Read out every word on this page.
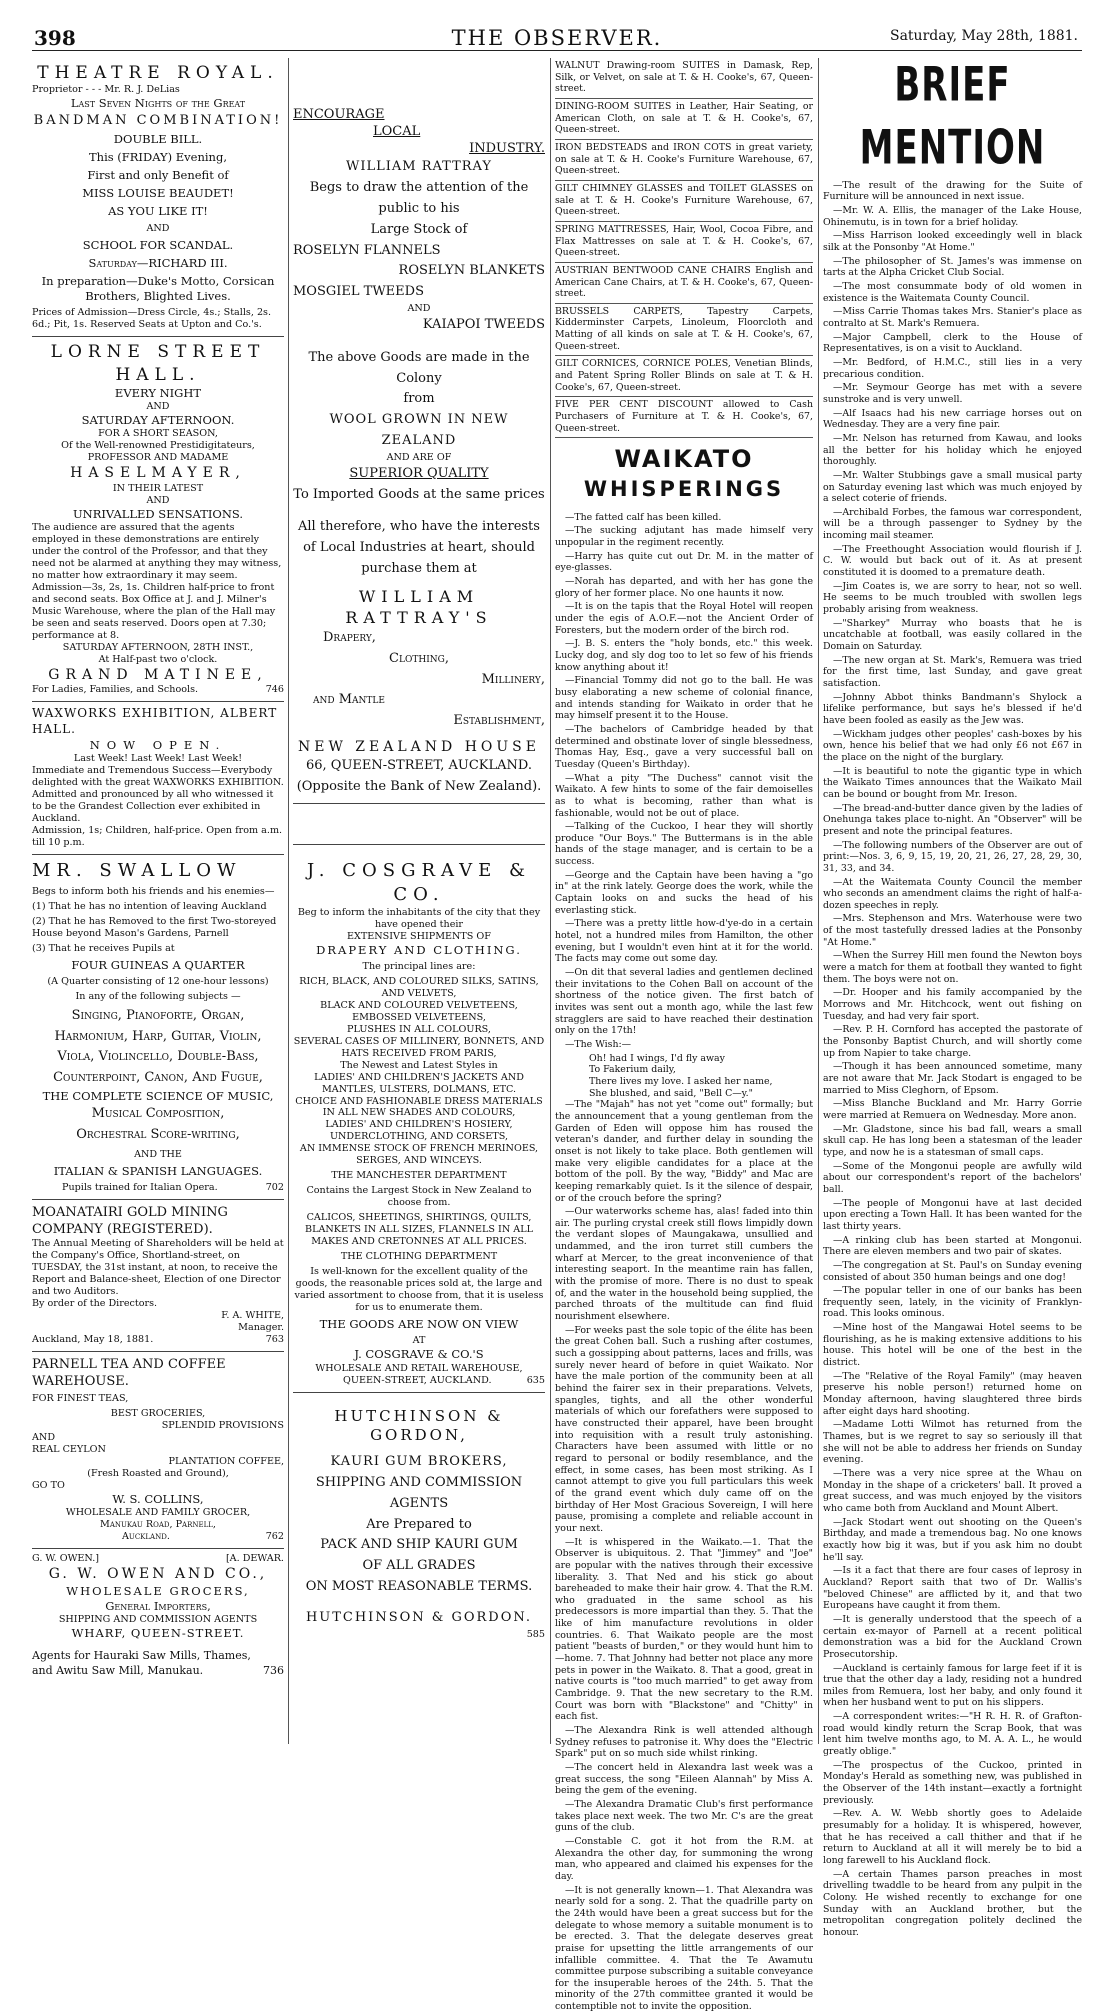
398	THE OBSERVER.	Saturday, May 28th, 1881.
THEATRE ROYAL.
Proprietor - - - Mr. R. J. DeLias
Last Seven Nights of the Great
BANDMAN COMBINATION!
DOUBLE BILL.
This (FRIDAY) Evening,
First and only Benefit of
MISS LOUISE BEAUDET!
AS YOU LIKE IT!
AND
SCHOOL FOR SCANDAL.
Saturday—RICHARD III.
In preparation—Duke's Motto, Corsican Brothers, Blighted Lives.
Prices of Admission—Dress Circle, 4s.; Stalls, 2s. 6d.; Pit, 1s. Reserved Seats at Upton and Co.'s.
LORNE STREET HALL.
EVERY NIGHT
AND
SATURDAY AFTERNOON.
FOR A SHORT SEASON,
Of the Well-renowned Prestidigitateurs,
PROFESSOR AND MADAME
HASELMAYER,
IN THEIR LATEST
AND
UNRIVALLED SENSATIONS.
The audience are assured that the agents employed in these demonstrations are entirely under the control of the Professor, and that they need not be alarmed at anything they may witness, no matter how extraordinary it may seem.
Admission—3s, 2s, 1s. Children half-price to front and second seats. Box Office at J. and J. Milner's Music Warehouse, where the plan of the Hall may be seen and seats reserved. Doors open at 7.30; performance at 8.
SATURDAY AFTERNOON, 28TH INST.,
At Half-past two o'clock.
GRAND MATINEE,
For Ladies, Families, and Schools.	746
WAXWORKS EXHIBITION, ALBERT HALL.
NOW OPEN.
Last Week! Last Week! Last Week!
Immediate and Tremendous Success—Everybody delighted with the great WAXWORKS EXHIBITION. Admitted and pronounced by all who witnessed it to be the Grandest Collection ever exhibited in Auckland.
Admission, 1s; Children, half-price. Open from a.m. till 10 p.m.
MR. SWALLOW
Begs to inform both his friends and his enemies—
(1) That he has no intention of leaving Auckland
(2) That he has Removed to the first Two-storeyed House beyond Mason's Gardens, Parnell
(3) That he receives Pupils at
FOUR GUINEAS A QUARTER
(A Quarter consisting of 12 one-hour lessons)
In any of the following subjects —
Singing, Pianoforte, Organ,
Harmonium, Harp, Guitar, Violin,
Viola, Violincello, Double-Bass,
Counterpoint, Canon, And Fugue,
THE COMPLETE SCIENCE OF MUSIC,
Musical Composition,
Orchestral Score-writing,
AND THE
ITALIAN & SPANISH LANGUAGES.
Pupils trained for Italian Opera.	702
MOANATAIRI GOLD MINING COMPANY (REGISTERED).
The Annual Meeting of Shareholders will be held at the Company's Office, Shortland-street, on TUESDAY, the 31st instant, at noon, to receive the Report and Balance-sheet, Election of one Director and two Auditors.
By order of the Directors.
F. A. WHITE,
Manager.
Auckland, May 18, 1881.	763
PARNELL TEA AND COFFEE WAREHOUSE.
FOR FINEST TEAS,
BEST GROCERIES,
SPLENDID PROVISIONS
AND
REAL CEYLON
PLANTATION COFFEE,
(Fresh Roasted and Ground),
GO TO
W. S. COLLINS,
WHOLESALE AND FAMILY GROCER,
Manukau Road, Parnell,
Auckland.	762
G. W. OWEN.]	[A. DEWAR.
G. W. OWEN AND CO.,
WHOLESALE GROCERS,
General Importers,
SHIPPING AND COMMISSION AGENTS
WHARF, QUEEN-STREET.
Agents for Hauraki Saw Mills, Thames, and Awitu Saw Mill, Manukau.	736
ENCOURAGE
LOCAL
INDUSTRY.
WILLIAM RATTRAY
Begs to draw the attention of the public to his
Large Stock of
ROSELYN FLANNELS
ROSELYN BLANKETS
MOSGIEL TWEEDS
AND
KAIAPOI TWEEDS
The above Goods are made in the Colony
from
WOOL GROWN IN NEW ZEALAND
AND ARE OF
SUPERIOR QUALITY
To Imported Goods at the same prices
All therefore, who have the interests of Local Industries at heart, should purchase them at
WILLIAM RATTRAY'S
Drapery,
Clothing,
Millinery,
and Mantle
Establishment,
NEW ZEALAND HOUSE
66, QUEEN-STREET, AUCKLAND.
(Opposite the Bank of New Zealand).
J. COSGRAVE & CO.
Beg to inform the inhabitants of the city that they have opened their
EXTENSIVE SHIPMENTS OF
DRAPERY AND CLOTHING.
The principal lines are:
RICH, BLACK, AND COLOURED SILKS, SATINS, AND VELVETS,
BLACK AND COLOURED VELVETEENS,
EMBOSSED VELVETEENS,
PLUSHES IN ALL COLOURS,
SEVERAL CASES OF MILLINERY, BONNETS, AND HATS RECEIVED FROM PARIS,
The Newest and Latest Styles in
LADIES' AND CHILDREN'S JACKETS AND MANTLES, ULSTERS, DOLMANS, ETC.
CHOICE AND FASHIONABLE DRESS MATERIALS IN ALL NEW SHADES AND COLOURS,
LADIES' AND CHILDREN'S HOSIERY, UNDERCLOTHING, AND CORSETS,
AN IMMENSE STOCK OF FRENCH MERINOES, SERGES, AND WINCEYS.
THE MANCHESTER DEPARTMENT
Contains the Largest Stock in New Zealand to choose from.
CALICOS, SHEETINGS, SHIRTINGS, QUILTS, BLANKETS IN ALL SIZES, FLANNELS IN ALL MAKES AND CRETONNES AT ALL PRICES.
THE CLOTHING DEPARTMENT
Is well-known for the excellent quality of the goods, the reasonable prices sold at, the large and varied assortment to choose from, that it is useless for us to enumerate them.
THE GOODS ARE NOW ON VIEW
AT
J. COSGRAVE & CO.'S
WHOLESALE AND RETAIL WAREHOUSE,
QUEEN-STREET, AUCKLAND.	635
HUTCHINSON & GORDON,
KAURI GUM BROKERS,
SHIPPING AND COMMISSION AGENTS
Are Prepared to
PACK AND SHIP KAURI GUM
OF ALL GRADES
ON MOST REASONABLE TERMS.
HUTCHINSON & GORDON.
585
WALNUT Drawing-room SUITES in Damask, Rep, Silk, or Velvet, on sale at T. & H. Cooke's, 67, Queen-street.
DINING-ROOM SUITES in Leather, Hair Seating, or American Cloth, on sale at T. & H. Cooke's, 67, Queen-street.
IRON BEDSTEADS and IRON COTS in great variety, on sale at T. & H. Cooke's Furniture Warehouse, 67, Queen-street.
GILT CHIMNEY GLASSES and TOILET GLASSES on sale at T. & H. Cooke's Furniture Warehouse, 67, Queen-street.
SPRING MATTRESSES, Hair, Wool, Cocoa Fibre, and Flax Mattresses on sale at T. & H. Cooke's, 67, Queen-street.
AUSTRIAN BENTWOOD CANE CHAIRS English and American Cane Chairs, at T. & H. Cooke's, 67, Queen-street.
BRUSSELS CARPETS, Tapestry Carpets, Kidderminster Carpets, Linoleum, Floorcloth and Matting of all kinds on sale at T. & H. Cooke's, 67, Queen-street.
GILT CORNICES, CORNICE POLES, Venetian Blinds, and Patent Spring Roller Blinds on sale at T. & H. Cooke's, 67, Queen-street.
FIVE PER CENT DISCOUNT allowed to Cash Purchasers of Furniture at T. & H. Cooke's, 67, Queen-street.
WAIKATO
WHISPERINGS

—The fatted calf has been killed.

—The sucking adjutant has made himself very unpopular in the regiment recently.

—Harry has quite cut out Dr. M. in the matter of eye-glasses.

—Norah has departed, and with her has gone the glory of her former place. No one haunts it now.

—It is on the tapis that the Royal Hotel will reopen under the egis of A.O.F.—not the Ancient Order of Foresters, but the modern order of the birch rod.

—J. B. S. enters the "holy bonds, etc." this week. Lucky dog, and sly dog too to let so few of his friends know anything about it!

—Financial Tommy did not go to the ball. He was busy elaborating a new scheme of colonial finance, and intends standing for Waikato in order that he may himself present it to the House.

—The bachelors of Cambridge headed by that determined and obstinate lover of single blessedness, Thomas Hay, Esq., gave a very successful ball on Tuesday (Queen's Birthday).

—What a pity "The Duchess" cannot visit the Waikato. A few hints to some of the fair demoiselles as to what is becoming, rather than what is fashionable, would not be out of place.

—Talking of the Cuckoo, I hear they will shortly produce "Our Boys." The Buttermans is in the able hands of the stage manager, and is certain to be a success.

—George and the Captain have been having a "go in" at the rink lately. George does the work, while the Captain looks on and sucks the head of his everlasting stick.

—There was a pretty little how-d'ye-do in a certain hotel, not a hundred miles from Hamilton, the other evening, but I wouldn't even hint at it for the world. The facts may come out some day.

—On dit that several ladies and gentlemen declined their invitations to the Cohen Ball on account of the shortness of the notice given. The first batch of invites was sent out a month ago, while the last few stragglers are said to have reached their destination only on the 17th!

—The Wish:—

Oh! had I wings, I'd fly away
To Fakerium daily,
There lives my love. I asked her name,
She blushed, and said, "Bell C—y."

—The "Majah" has not yet "come out" formally; but the announcement that a young gentleman from the Garden of Eden will oppose him has roused the veteran's dander, and further delay in sounding the onset is not likely to take place. Both gentlemen will make very eligible candidates for a place at the bottom of the poll. By the way, "Biddy" and Mac are keeping remarkably quiet. Is it the silence of despair, or of the crouch before the spring?

—Our waterworks scheme has, alas! faded into thin air. The purling crystal creek still flows limpidly down the verdant slopes of Maungakawa, unsullied and undammed, and the iron turret still cumbers the wharf at Mercer, to the great inconvenience of that interesting seaport. In the meantime rain has fallen, with the promise of more. There is no dust to speak of, and the water in the household being supplied, the parched throats of the multitude can find fluid nourishment elsewhere.

—For weeks past the sole topic of the élite has been the great Cohen ball. Such a rushing after costumes, such a gossipping about patterns, laces and frills, was surely never heard of before in quiet Waikato. Nor have the male portion of the community been at all behind the fairer sex in their preparations. Velvets, spangles, tights, and all the other wonderful materials of which our forefathers were supposed to have constructed their apparel, have been brought into requisition with a result truly astonishing. Characters have been assumed with little or no regard to personal or bodily resemblance, and the effect, in some cases, has been most striking. As I cannot attempt to give you full particulars this week of the grand event which duly came off on the birthday of Her Most Gracious Sovereign, I will here pause, promising a complete and reliable account in your next.

—It is whispered in the Waikato.—1. That the Observer is ubiquitous. 2. That "Jimmey" and "Joe" are popular with the natives through their excessive liberality. 3. That Ned and his stick go about bareheaded to make their hair grow. 4. That the R.M. who graduated in the same school as his predecessors is more impartial than they. 5. That the like of him manufacture revolutions in older countries. 6. That Waikato people are the most patient "beasts of burden," or they would hunt him to—home. 7. That Johnny had better not place any more pets in power in the Waikato. 8. That a good, great in native courts is "too much married" to get away from Cambridge. 9. That the new secretary to the R.M. Court was born with "Blackstone" and "Chitty" in each fist.

—The Alexandra Rink is well attended although Sydney refuses to patronise it. Why does the "Electric Spark" put on so much side whilst rinking.

—The concert held in Alexandra last week was a great success, the song "Eileen Alannah" by Miss A. being the gem of the evening.

—The Alexandra Dramatic Club's first performance takes place next week. The two Mr. C's are the great guns of the club.

—Constable C. got it hot from the R.M. at Alexandra the other day, for summoning the wrong man, who appeared and claimed his expenses for the day.

—It is not generally known—1. That Alexandra was nearly sold for a song. 2. That the quadrille party on the 24th would have been a great success but for the delegate to whose memory a suitable monument is to be erected. 3. That the delegate deserves great praise for upsetting the little arrangements of our infallible committee. 4. That the Te Awamutu committee purpose subscribing a suitable conveyance for the insuperable heroes of the 24th. 5. That the minority of the 27th committee granted it would be contemptible not to invite the opposition.

BRIEF MENTION

—The result of the drawing for the Suite of Furniture will be announced in next issue.

—Mr. W. A. Ellis, the manager of the Lake House, Ohinemutu, is in town for a brief holiday.

—Miss Harrison looked exceedingly well in black silk at the Ponsonby "At Home."

—The philosopher of St. James's was immense on tarts at the Alpha Cricket Club Social.

—The most consummate body of old women in existence is the Waitemata County Council.

—Miss Carrie Thomas takes Mrs. Stanier's place as contralto at St. Mark's Remuera.

—Major Campbell, clerk to the House of Representatives, is on a visit to Auckland.

—Mr. Bedford, of H.M.C., still lies in a very precarious condition.

—Mr. Seymour George has met with a severe sunstroke and is very unwell.

—Alf Isaacs had his new carriage horses out on Wednesday. They are a very fine pair.

—Mr. Nelson has returned from Kawau, and looks all the better for his holiday which he enjoyed thoroughly.

—Mr. Walter Stubbings gave a small musical party on Saturday evening last which was much enjoyed by a select coterie of friends.

—Archibald Forbes, the famous war correspondent, will be a through passenger to Sydney by the incoming mail steamer.

—The Freethought Association would flourish if J. C. W. would but back out of it. As at present constituted it is doomed to a premature death.

—Jim Coates is, we are sorry to hear, not so well. He seems to be much troubled with swollen legs probably arising from weakness.

—"Sharkey" Murray who boasts that he is uncatchable at football, was easily collared in the Domain on Saturday.

—The new organ at St. Mark's, Remuera was tried for the first time, last Sunday, and gave great satisfaction.

—Johnny Abbot thinks Bandmann's Shylock a lifelike performance, but says he's blessed if he'd have been fooled as easily as the Jew was.

—Wickham judges other peoples' cash-boxes by his own, hence his belief that we had only £6 not £67 in the place on the night of the burglary.

—It is beautiful to note the gigantic type in which the Waikato Times announces that the Waikato Mail can be bound or bought from Mr. Ireson.

—The bread-and-butter dance given by the ladies of Onehunga takes place to-night. An "Observer" will be present and note the principal features.

—The following numbers of the Observer are out of print:—Nos. 3, 6, 9, 15, 19, 20, 21, 26, 27, 28, 29, 30, 31, 33, and 34.

—At the Waitemata County Council the member who seconds an amendment claims the right of half-a-dozen speeches in reply.

—Mrs. Stephenson and Mrs. Waterhouse were two of the most tastefully dressed ladies at the Ponsonby "At Home."

—When the Surrey Hill men found the Newton boys were a match for them at football they wanted to fight them. The boys were not on.

—Dr. Hooper and his family accompanied by the Morrows and Mr. Hitchcock, went out fishing on Tuesday, and had very fair sport.

—Rev. P. H. Cornford has accepted the pastorate of the Ponsonby Baptist Church, and will shortly come up from Napier to take charge.

—Though it has been announced sometime, many are not aware that Mr. Jack Stodart is engaged to be married to Miss Cleghorn, of Epsom.

—Miss Blanche Buckland and Mr. Harry Gorrie were married at Remuera on Wednesday. More anon.

—Mr. Gladstone, since his bad fall, wears a small skull cap. He has long been a statesman of the leader type, and now he is a statesman of small caps.

—Some of the Mongonui people are awfully wild about our correspondent's report of the bachelors' ball.

—The people of Mongonui have at last decided upon erecting a Town Hall. It has been wanted for the last thirty years.

—A rinking club has been started at Mongonui. There are eleven members and two pair of skates.

—The congregation at St. Paul's on Sunday evening consisted of about 350 human beings and one dog!

—The popular teller in one of our banks has been frequently seen, lately, in the vicinity of Franklyn-road. This looks ominous.

—Mine host of the Mangawai Hotel seems to be flourishing, as he is making extensive additions to his house. This hotel will be one of the best in the district.

—The "Relative of the Royal Family" (may heaven preserve his noble person!) returned home on Monday afternoon, having slaughtered three birds after eight days hard shooting.

—Madame Lotti Wilmot has returned from the Thames, but is we regret to say so seriously ill that she will not be able to address her friends on Sunday evening.

—There was a very nice spree at the Whau on Monday in the shape of a cricketers' ball. It proved a great success, and was much enjoyed by the visitors who came both from Auckland and Mount Albert.

—Jack Stodart went out shooting on the Queen's Birthday, and made a tremendous bag. No one knows exactly how big it was, but if you ask him no doubt he'll say.

—Is it a fact that there are four cases of leprosy in Auckland? Report saith that two of Dr. Wallis's "beloved Chinese" are afflicted by it, and that two Europeans have caught it from them.

—It is generally understood that the speech of a certain ex-mayor of Parnell at a recent political demonstration was a bid for the Auckland Crown Prosecutorship.

—Auckland is certainly famous for large feet if it is true that the other day a lady, residing not a hundred miles from Remuera, lost her baby, and only found it when her husband went to put on his slippers.

—A correspondent writes:—"H R. H. R. of Grafton-road would kindly return the Scrap Book, that was lent him twelve months ago, to M. A. A. L., he would greatly oblige."

—The prospectus of the Cuckoo, printed in Monday's Herald as something new, was published in the Observer of the 14th instant—exactly a fortnight previously.

—Rev. A. W. Webb shortly goes to Adelaide presumably for a holiday. It is whispered, however, that he has received a call thither and that if he return to Auckland at all it will merely be to bid a long farewell to his Auckland flock.

—A certain Thames parson preaches in most drivelling twaddle to be heard from any pulpit in the Colony. He wished recently to exchange for one Sunday with an Auckland brother, but the metropolitan congregation politely declined the honour.
